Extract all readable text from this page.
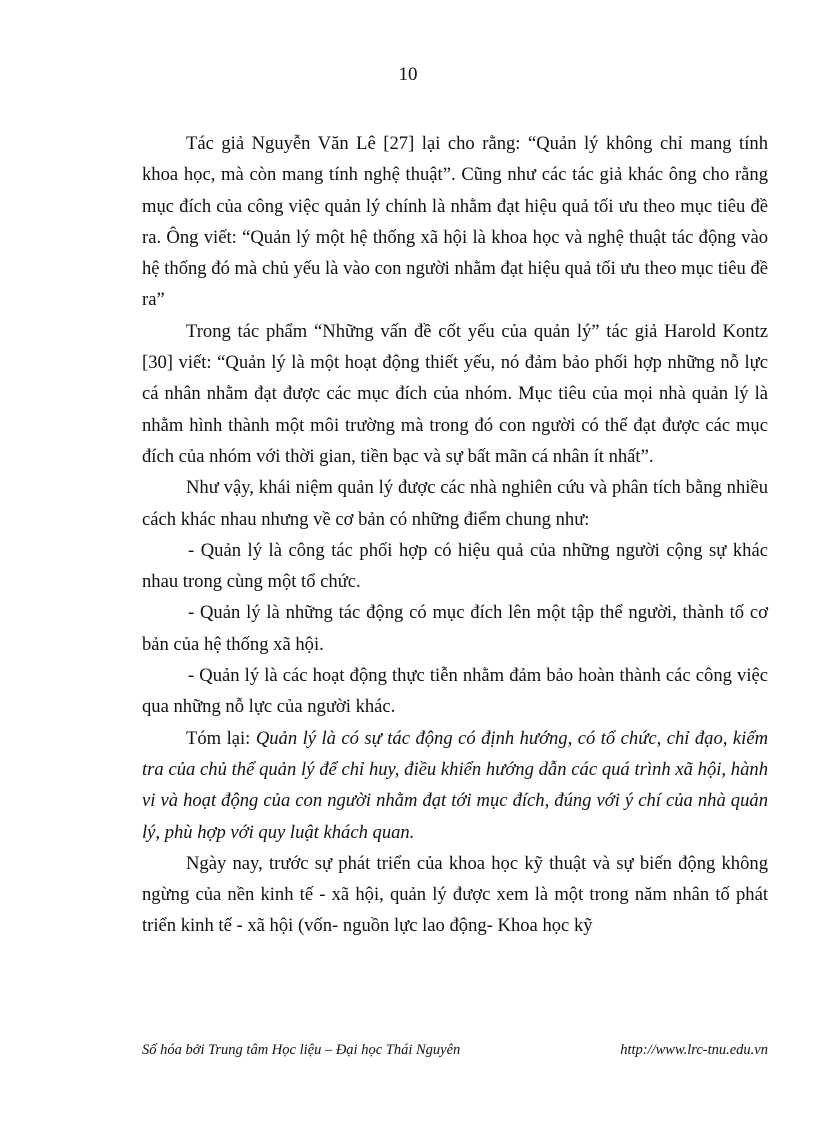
10

Tác giả Nguyễn Văn Lê [27] lại cho rằng: “Quản lý không chỉ mang tính khoa học, mà còn mang tính nghệ thuật”. Cũng như các tác giả khác ông cho rằng mục đích của công việc quản lý chính là nhằm đạt hiệu quả tối ưu theo mục tiêu đề ra. Ông viết: “Quản lý một hệ thống xã hội là khoa học và nghệ thuật tác động vào hệ thống đó mà chủ yếu là vào con người nhằm đạt hiệu quả tối ưu theo mục tiêu đề ra”

Trong tác phẩm “Những vấn đề cốt yếu của quản lý” tác giả Harold Kontz [30] viết: “Quản lý là một hoạt động thiết yếu, nó đảm bảo phối hợp những nỗ lực cá nhân nhằm đạt được các mục đích của nhóm. Mục tiêu của mọi nhà quản lý là nhằm hình thành một môi trường mà trong đó con người có thể đạt được các mục đích của nhóm với thời gian, tiền bạc và sự bất mãn cá nhân ít nhất”.

Như vậy, khái niệm quản lý được các nhà nghiên cứu và phân tích bằng nhiều cách khác nhau nhưng về cơ bản có những điểm chung như:

- Quản lý là công tác phối hợp có hiệu quả của những người cộng sự khác nhau trong cùng một tổ chức.

- Quản lý là những tác động có mục đích lên một tập thể người, thành tố cơ bản của hệ thống xã hội.

- Quản lý là các hoạt động thực tiễn nhằm đảm bảo hoàn thành các công việc qua những nỗ lực của người khác.

Tóm lại: Quản lý là có sự tác động có định hướng, có tổ chức, chỉ đạo, kiểm tra của chủ thể quản lý để chỉ huy, điều khiển hướng dẫn các quá trình xã hội, hành vi và hoạt động của con người nhằm đạt tới mục đích, đúng với ý chí của nhà quản lý, phù hợp với quy luật khách quan.

Ngày nay, trước sự phát triển của khoa học kỹ thuật và sự biến động không ngừng của nền kinh tế - xã hội, quản lý được xem là một trong năm nhân tố phát triển kinh tế - xã hội (vốn- nguồn lực lao động- Khoa học kỹ

Số hóa bởi Trung tâm Học liệu – Đại học Thái Nguyên	http://www.lrc-tnu.edu.vn
